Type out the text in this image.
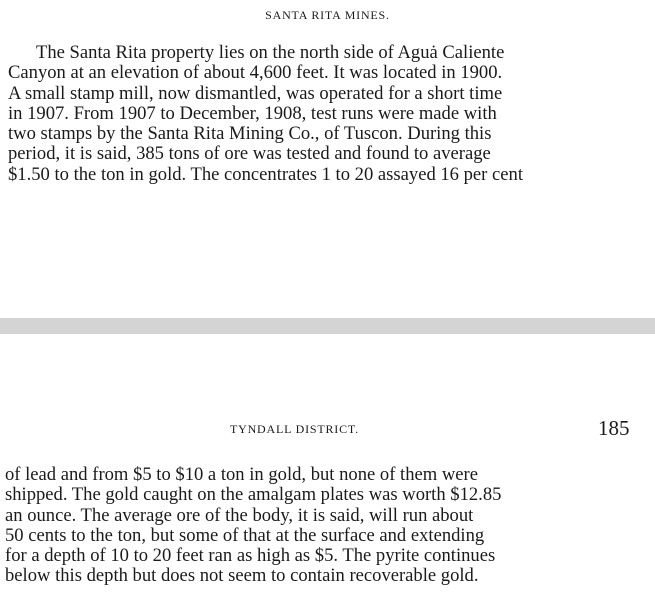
SANTA RITA MINES.
The Santa Rita property lies on the north side of Aguȧ Caliente
Canyon at an elevation of about 4,600 feet. It was located in 1900.
A small stamp mill, now dismantled, was operated for a short time
in 1907. From 1907 to December, 1908, test runs were made with
two stamps by the Santa Rita Mining Co., of Tuscon. During this
period, it is said, 385 tons of ore was tested and found to average
$1.50 to the ton in gold. The concentrates 1 to 20 assayed 16 per cent
TYNDALL DISTRICT.	185
of lead and from $5 to $10 a ton in gold, but none of them were
shipped. The gold caught on the amalgam plates was worth $12.85
an ounce. The average ore of the body, it is said, will run about
50 cents to the ton, but some of that at the surface and extending
for a depth of 10 to 20 feet ran as high as $5. The pyrite continues
below this depth but does not seem to contain recoverable gold.
